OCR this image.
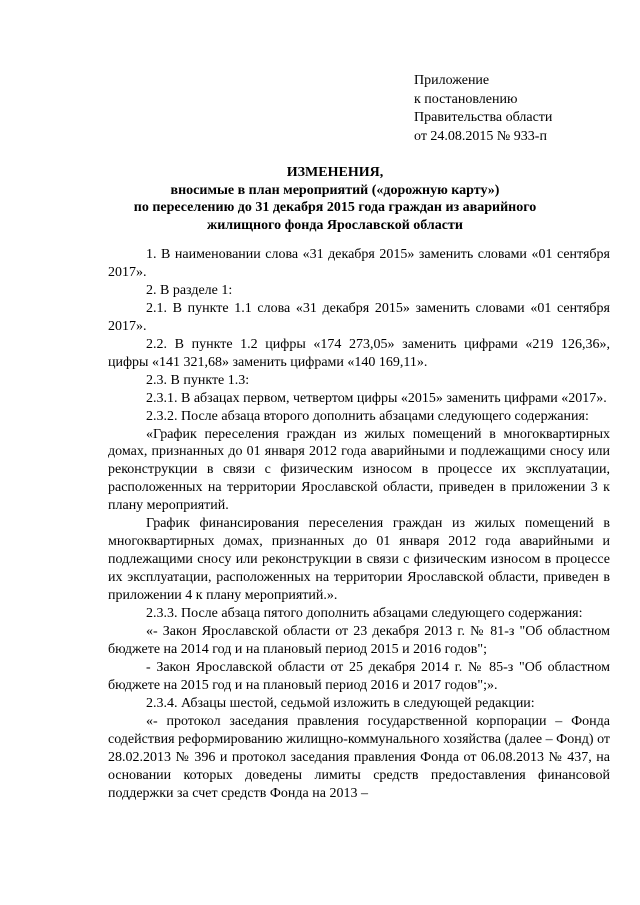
Приложение
к постановлению
Правительства области
от 24.08.2015 № 933-п
ИЗМЕНЕНИЯ,
вносимые в план мероприятий («дорожную карту»)
по переселению до 31 декабря 2015 года граждан из аварийного
жилищного фонда Ярославской области

1. В наименовании слова «31 декабря 2015» заменить словами «01 сентября 2017».

2. В разделе 1:

2.1. В пункте 1.1 слова «31 декабря 2015» заменить словами «01 сентября 2017».

2.2. В пункте 1.2 цифры «174 273,05» заменить цифрами «219 126,36», цифры «141 321,68» заменить цифрами «140 169,11».

2.3. В пункте 1.3:

2.3.1. В абзацах первом, четвертом цифры «2015» заменить цифрами «2017».

2.3.2. После абзаца второго дополнить абзацами следующего содержания:

«График переселения граждан из жилых помещений в многоквартирных домах, признанных до 01 января 2012 года аварийными и подлежащими сносу или реконструкции в связи с физическим износом в процессе их эксплуатации, расположенных на территории Ярославской области, приведен в приложении 3 к плану мероприятий.

График финансирования переселения граждан из жилых помещений в многоквартирных домах, признанных до 01 января 2012 года аварийными и подлежащими сносу или реконструкции в связи с физическим износом в процессе их эксплуатации, расположенных на территории Ярославской области, приведен в приложении 4 к плану мероприятий.».

2.3.3. После абзаца пятого дополнить абзацами следующего содержания:

«- Закон Ярославской области от 23 декабря 2013 г. № 81-з "Об областном бюджете на 2014 год и на плановый период 2015 и 2016 годов";

- Закон Ярославской области от 25 декабря 2014 г. № 85-з "Об областном бюджете на 2015 год и на плановый период 2016 и 2017 годов";».

2.3.4. Абзацы шестой, седьмой изложить в следующей редакции:

«- протокол заседания правления государственной корпорации – Фонда содействия реформированию жилищно-коммунального хозяйства (далее – Фонд) от 28.02.2013 № 396 и протокол заседания правления Фонда от 06.08.2013 № 437, на основании которых доведены лимиты средств предоставления финансовой поддержки за счет средств Фонда на 2013 –
